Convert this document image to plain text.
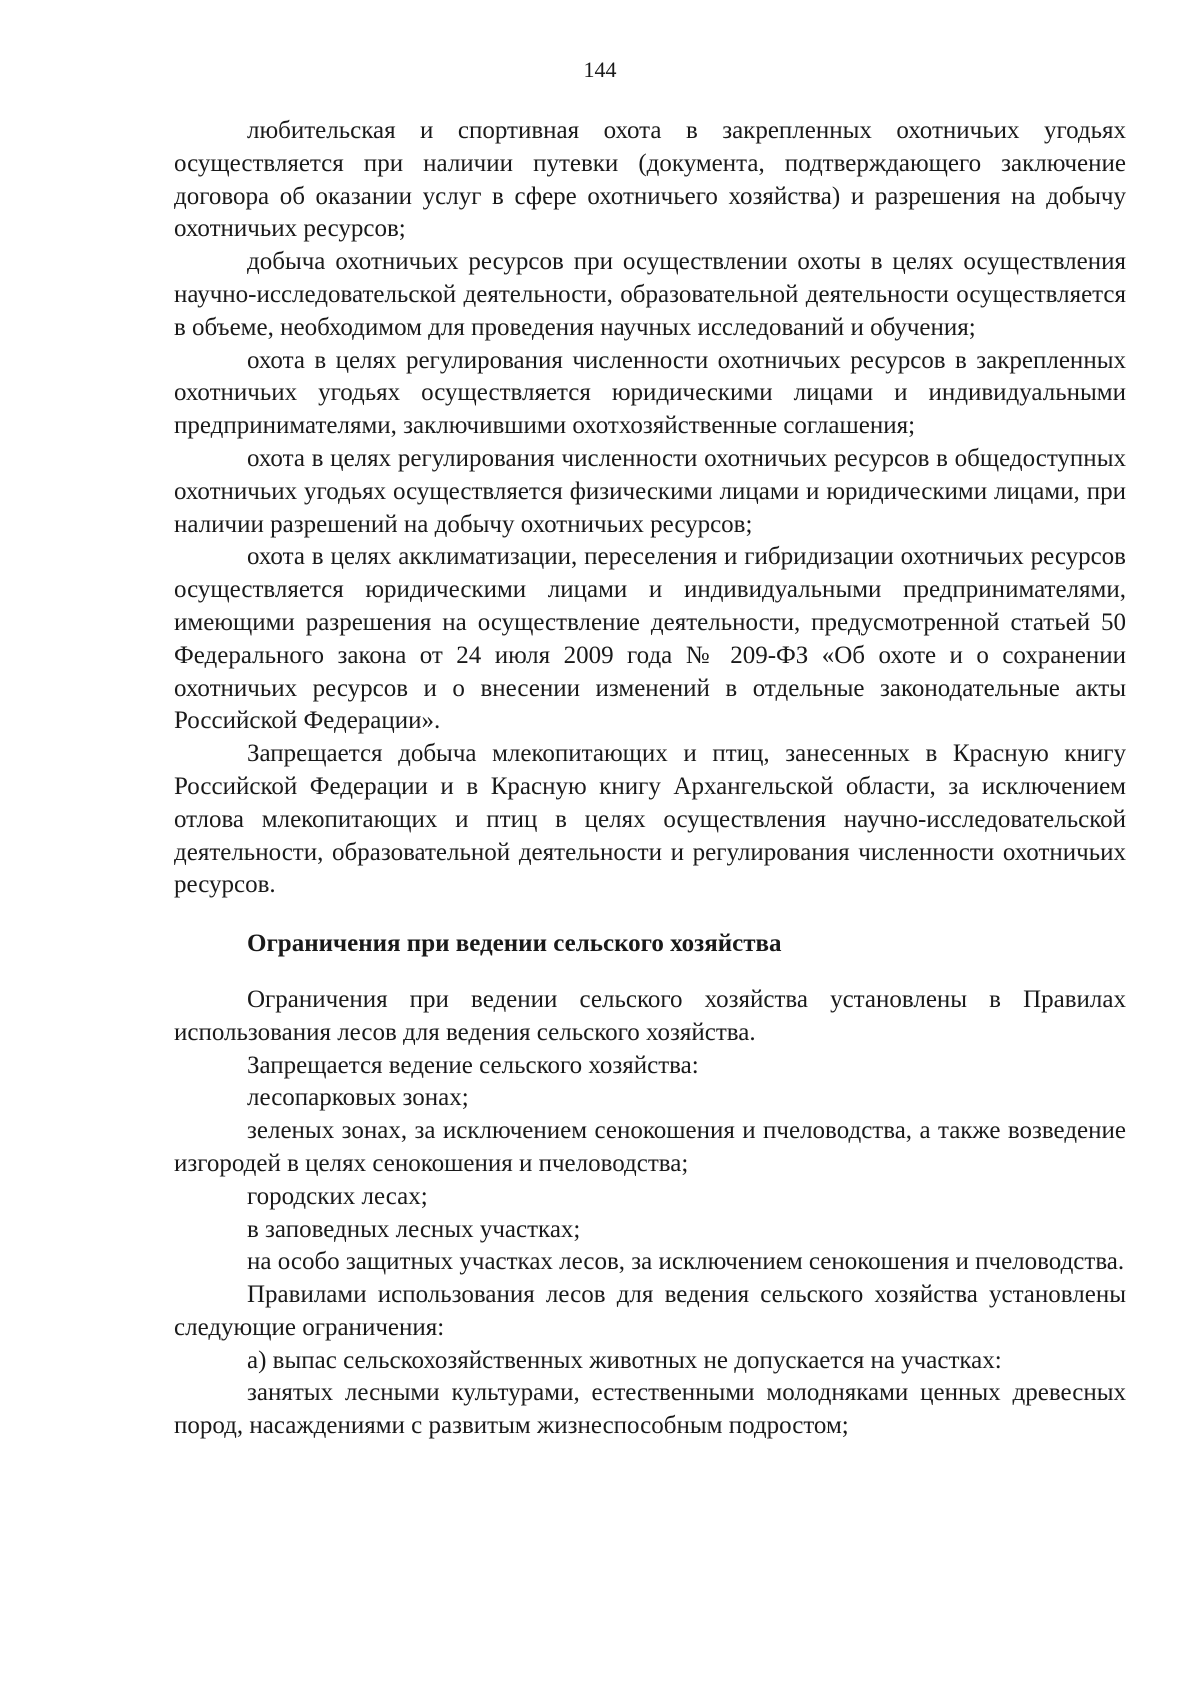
144

любительская и спортивная охота в закрепленных охотничьих угодьях осуществляется при наличии путевки (документа, подтверждающего заключение договора об оказании услуг в сфере охотничьего хозяйства) и разрешения на добычу охотничьих ресурсов;

добыча охотничьих ресурсов при осуществлении охоты в целях осуществления научно-исследовательской деятельности, образовательной деятельности осуществляется в объеме, необходимом для проведения научных исследований и обучения;

охота в целях регулирования численности охотничьих ресурсов в закрепленных охотничьих угодьях осуществляется юридическими лицами и индивидуальными предпринимателями, заключившими охотхозяйственные соглашения;

охота в целях регулирования численности охотничьих ресурсов в общедоступных охотничьих угодьях осуществляется физическими лицами и юридическими лицами, при наличии разрешений на добычу охотничьих ресурсов;

охота в целях акклиматизации, переселения и гибридизации охотничьих ресурсов осуществляется юридическими лицами и индивидуальными предпринимателями, имеющими разрешения на осуществление деятельности, предусмотренной статьей 50 Федерального закона от 24 июля 2009 года № 209-ФЗ «Об охоте и о сохранении охотничьих ресурсов и о внесении изменений в отдельные законодательные акты Российской Федерации».

Запрещается добыча млекопитающих и птиц, занесенных в Красную книгу Российской Федерации и в Красную книгу Архангельской области, за исключением отлова млекопитающих и птиц в целях осуществления научно-исследовательской деятельности, образовательной деятельности и регулирования численности охотничьих ресурсов.

Ограничения при ведении сельского хозяйства

Ограничения при ведении сельского хозяйства установлены в Правилах использования лесов для ведения сельского хозяйства.

Запрещается ведение сельского хозяйства:

лесопарковых зонах;

зеленых зонах, за исключением сенокошения и пчеловодства, а также возведение изгородей в целях сенокошения и пчеловодства;

городских лесах;

в заповедных лесных участках;

на особо защитных участках лесов, за исключением сенокошения и пчеловодства.

Правилами использования лесов для ведения сельского хозяйства установлены следующие ограничения:

а) выпас сельскохозяйственных животных не допускается на участках:

занятых лесными культурами, естественными молодняками ценных древесных пород, насаждениями с развитым жизнеспособным подростом;
